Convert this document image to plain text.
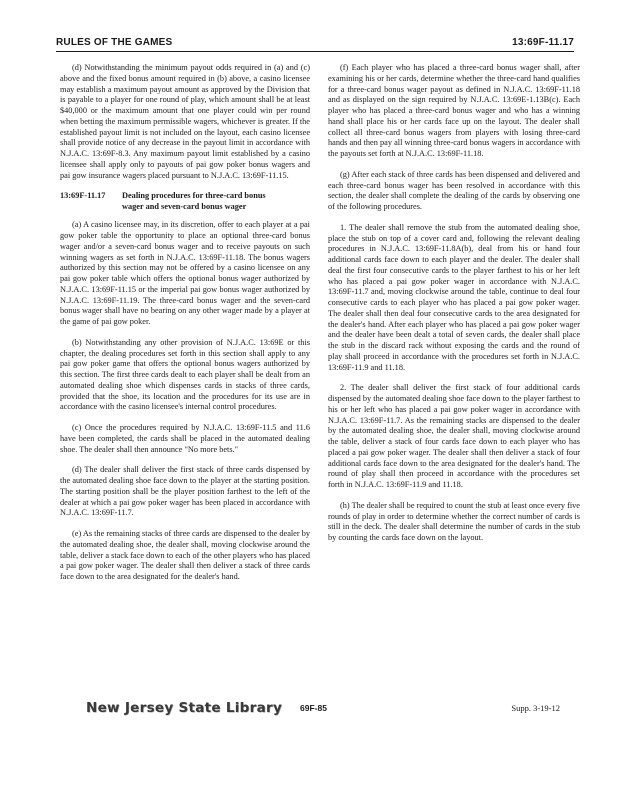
RULES OF THE GAMES	13:69F-11.17

(d) Notwithstanding the minimum payout odds required in (a) and (c) above and the fixed bonus amount required in (b) above, a casino licensee may establish a maximum payout amount as approved by the Division that is payable to a player for one round of play, which amount shall be at least $40,000 or the maximum amount that one player could win per round when betting the maximum permissible wagers, whichever is greater. If the established payout limit is not included on the layout, each casino licensee shall provide notice of any decrease in the payout limit in accordance with N.J.A.C. 13:69F-8.3. Any maximum payout limit established by a casino licensee shall apply only to payouts of pai gow poker bonus wagers and pai gow insurance wagers placed pursuant to N.J.A.C. 13:69F-11.15.

13:69F-11.17 Dealing procedures for three-card bonus
wager and seven-card bonus wager

(a) A casino licensee may, in its discretion, offer to each player at a pai gow poker table the opportunity to place an optional three-card bonus wager and/or a seven-card bonus wager and to receive payouts on such winning wagers as set forth in N.J.A.C. 13:69F-11.18. The bonus wagers authorized by this section may not be offered by a casino licensee on any pai gow poker table which offers the optional bonus wager authorized by N.J.A.C. 13:69F-11.15 or the imperial pai gow bonus wager authorized by N.J.A.C. 13:69F-11.19. The three-card bonus wager and the seven-card bonus wager shall have no bearing on any other wager made by a player at the game of pai gow poker.

(b) Notwithstanding any other provision of N.J.A.C. 13:69E or this chapter, the dealing procedures set forth in this section shall apply to any pai gow poker game that offers the optional bonus wagers authorized by this section. The first three cards dealt to each player shall be dealt from an automated dealing shoe which dispenses cards in stacks of three cards, provided that the shoe, its location and the procedures for its use are in accordance with the casino licensee's internal control procedures.

(c) Once the procedures required by N.J.A.C. 13:69F-11.5 and 11.6 have been completed, the cards shall be placed in the automated dealing shoe. The dealer shall then announce "No more bets."

(d) The dealer shall deliver the first stack of three cards dispensed by the automated dealing shoe face down to the player at the starting position. The starting position shall be the player position farthest to the left of the dealer at which a pai gow poker wager has been placed in accordance with N.J.A.C. 13:69F-11.7.

(e) As the remaining stacks of three cards are dispensed to the dealer by the automated dealing shoe, the dealer shall, moving clockwise around the table, deliver a stack face down to each of the other players who has placed a pai gow poker wager. The dealer shall then deliver a stack of three cards face down to the area designated for the dealer's hand.

(f) Each player who has placed a three-card bonus wager shall, after examining his or her cards, determine whether the three-card hand qualifies for a three-card bonus wager payout as defined in N.J.A.C. 13:69F-11.18 and as displayed on the sign required by N.J.A.C. 13:69E-1.13B(c). Each player who has placed a three-card bonus wager and who has a winning hand shall place his or her cards face up on the layout. The dealer shall collect all three-card bonus wagers from players with losing three-card hands and then pay all winning three-card bonus wagers in accordance with the payouts set forth at N.J.A.C. 13:69F-11.18.

(g) After each stack of three cards has been dispensed and delivered and each three-card bonus wager has been resolved in accordance with this section, the dealer shall complete the dealing of the cards by observing one of the following procedures.

1. The dealer shall remove the stub from the automated dealing shoe, place the stub on top of a cover card and, following the relevant dealing procedures in N.J.A.C. 13:69F-11.8A(b), deal from his or hand four additional cards face down to each player and the dealer. The dealer shall deal the first four consecutive cards to the player farthest to his or her left who has placed a pai gow poker wager in accordance with N.J.A.C. 13:69F-11.7 and, moving clockwise around the table, continue to deal four consecutive cards to each player who has placed a pai gow poker wager. The dealer shall then deal four consecutive cards to the area designated for the dealer's hand. After each player who has placed a pai gow poker wager and the dealer have been dealt a total of seven cards, the dealer shall place the stub in the discard rack without exposing the cards and the round of play shall proceed in accordance with the procedures set forth in N.J.A.C. 13:69F-11.9 and 11.18.

2. The dealer shall deliver the first stack of four additional cards dispensed by the automated dealing shoe face down to the player farthest to his or her left who has placed a pai gow poker wager in accordance with N.J.A.C. 13:69F-11.7. As the remaining stacks are dispensed to the dealer by the automated dealing shoe, the dealer shall, moving clockwise around the table, deliver a stack of four cards face down to each player who has placed a pai gow poker wager. The dealer shall then deliver a stack of four additional cards face down to the area designated for the dealer's hand. The round of play shall then proceed in accordance with the procedures set forth in N.J.A.C. 13:69F-11.9 and 11.18.

(h) The dealer shall be required to count the stub at least once every five rounds of play in order to determine whether the correct number of cards is still in the deck. The dealer shall determine the number of cards in the stub by counting the cards face down on the layout.

New Jersey State Library 69F-85	Supp. 3-19-12
